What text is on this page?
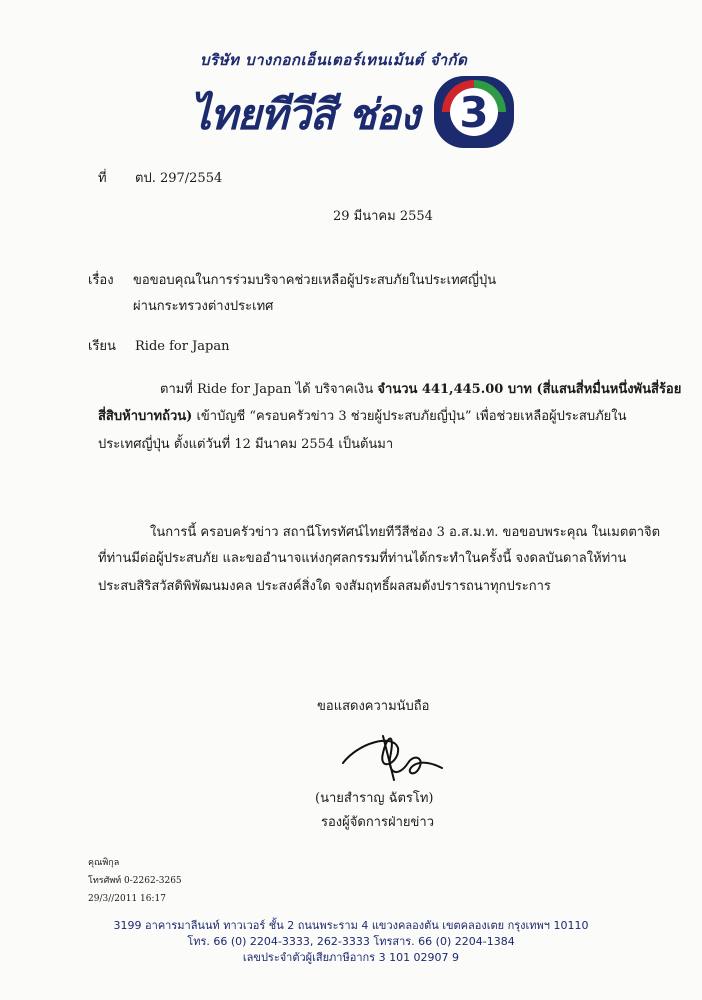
บริษัท บางกอกเอ็นเตอร์เทนเม้นต์ จำกัด
ไทยทีวีสี ช่อง 3
ที่ ตป. 297/2554
29 มีนาคม 2554
เรื่อง ขอขอบคุณในการร่วมบริจาคช่วยเหลือผู้ประสบภัยในประเทศญี่ปุ่น
ผ่านกระทรวงต่างประเทศ
เรียน Ride for Japan
ตามที่ Ride for Japan ได้ บริจาคเงิน จำนวน 441,445.00 บาท (สี่แสนสี่หมื่นหนึ่งพันสี่ร้อย
สี่สิบห้าบาทถ้วน) เข้าบัญชี “ครอบครัวข่าว 3 ช่วยผู้ประสบภัยญี่ปุ่น” เพื่อช่วยเหลือผู้ประสบภัยใน
ประเทศญี่ปุ่น ตั้งแต่วันที่ 12 มีนาคม 2554 เป็นต้นมา
ในการนี้ ครอบครัวข่าว สถานีโทรทัศน์ไทยทีวีสีช่อง 3 อ.ส.ม.ท. ขอขอบพระคุณ ในเมตตาจิต
ที่ท่านมีต่อผู้ประสบภัย และขออำนาจแห่งกุศลกรรมที่ท่านได้กระทำในครั้งนี้ จงดลบันดาลให้ท่าน
ประสบสิริสวัสดิพิพัฒนมงคล ประสงค์สิ่งใด จงสัมฤทธิ์ผลสมดังปรารถนาทุกประการ
ขอแสดงความนับถือ
(นายสำราญ ฉัตรโท)
รองผู้จัดการฝ่ายข่าว
คุณพิกุล
โทรศัพท์ 0-2262-3265
29/3//2011 16:17
3199 อาคารมาลีนนท์ ทาวเวอร์ ชั้น 2 ถนนพระราม 4 แขวงคลองตัน เขตคลองเตย กรุงเทพฯ 10110
โทร. 66 (0) 2204-3333, 262-3333 โทรสาร. 66 (0) 2204-1384
เลขประจำตัวผู้เสียภาษีอากร 3 101 02907 9
